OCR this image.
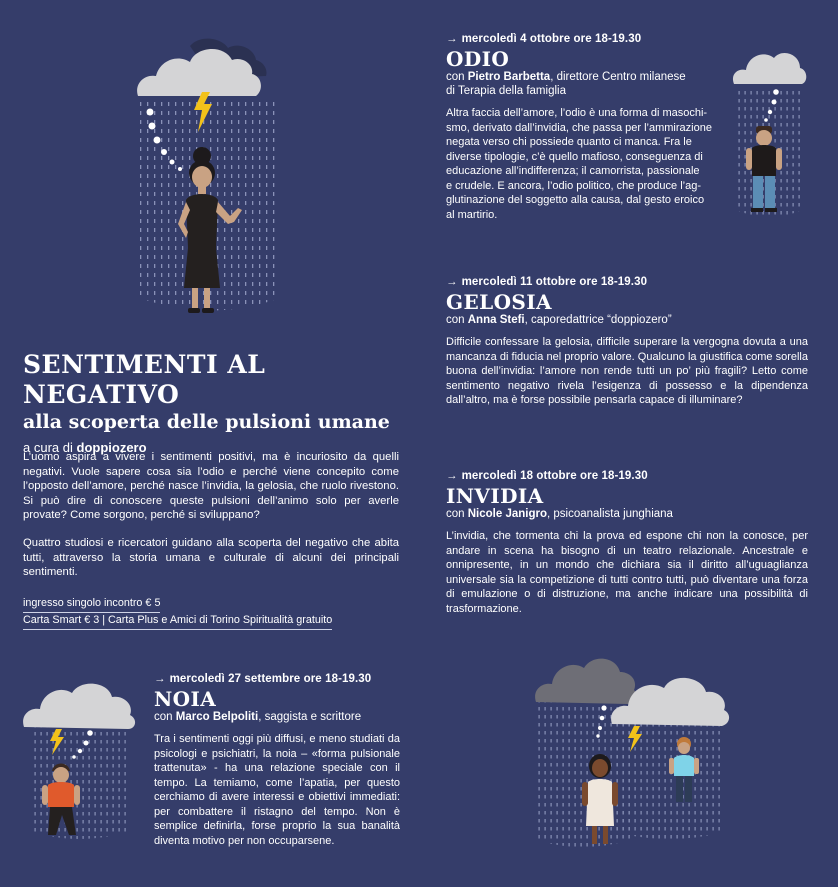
SENTIMENTI AL NEGATIVO
alla scoperta delle pulsioni umane
a cura di doppiozero
L’uomo aspira a vivere i sentimenti positivi, ma è incuriosito da quelli negativi. Vuole sapere cosa sia l’odio e perché viene concepito come l’opposto dell’amore, perché nasce l’invidia, la gelosia, che ruolo rivestono. Si può dire di conoscere queste pulsioni dell’animo solo per averle provate? Come sorgono, perché si sviluppano?
Quattro studiosi e ricercatori guidano alla scoperta del negativo che abita tutti, attraverso la storia umana e culturale di alcuni dei principali sentimenti.
ingresso singolo incontro € 5
Carta Smart € 3 | Carta Plus e Amici di Torino Spiritualità gratuito
→ mercoledì 4 ottobre ore 18-19.30
ODIO
con Pietro Barbetta, direttore Centro milanese
di Terapia della famiglia
Altra faccia dell’amore, l’odio è una forma di masochi-
smo, derivato dall’invidia, che passa per l’ammirazione
negata verso chi possiede quanto ci manca. Fra le
diverse tipologie, c’è quello mafioso, conseguenza di
educazione all’indifferenza; il camorrista, passionale
e crudele. E ancora, l’odio politico, che produce l’ag-
glutinazione del soggetto alla causa, dal gesto eroico
al martirio.
→ mercoledì 11 ottobre ore 18-19.30
GELOSIA
con Anna Stefi, caporedattrice “doppiozero”
Difficile confessare la gelosia, difficile superare la vergogna dovuta a una mancanza di fiducia nel proprio valore. Qualcuno la giustifica come sorella buona dell’invidia: l’amore non rende tutti un po’ più fragili? Letto come sentimento negativo rivela l’esigenza di possesso e la dipendenza dall’altro, ma è forse possibile pensarla capace di illuminare?
→ mercoledì 18 ottobre ore 18-19.30
INVIDIA
con Nicole Janigro, psicoanalista junghiana
L’invidia, che tormenta chi la prova ed espone chi non la conosce, per andare in scena ha bisogno di un teatro relazionale. Ancestrale e onnipresente, in un mondo che dichiara sia il diritto all’uguaglianza universale sia la competizione di tutti contro tutti, può diventare una forza di emulazione o di distruzione, ma anche indicare una possibilità di trasformazione.
→ mercoledì 27 settembre ore 18-19.30
NOIA
con Marco Belpoliti, saggista e scrittore
Tra i sentimenti oggi più diffusi, e meno studiati da psicologi e psichiatri, la noia – «forma pulsionale trattenuta» - ha una relazione speciale con il tempo. La temiamo, come l’apatia, per questo cerchiamo di avere interessi e obiettivi immediati: per combattere il ristagno del tempo. Non è semplice definirla, forse proprio la sua banalità diventa motivo per non occuparsene.
